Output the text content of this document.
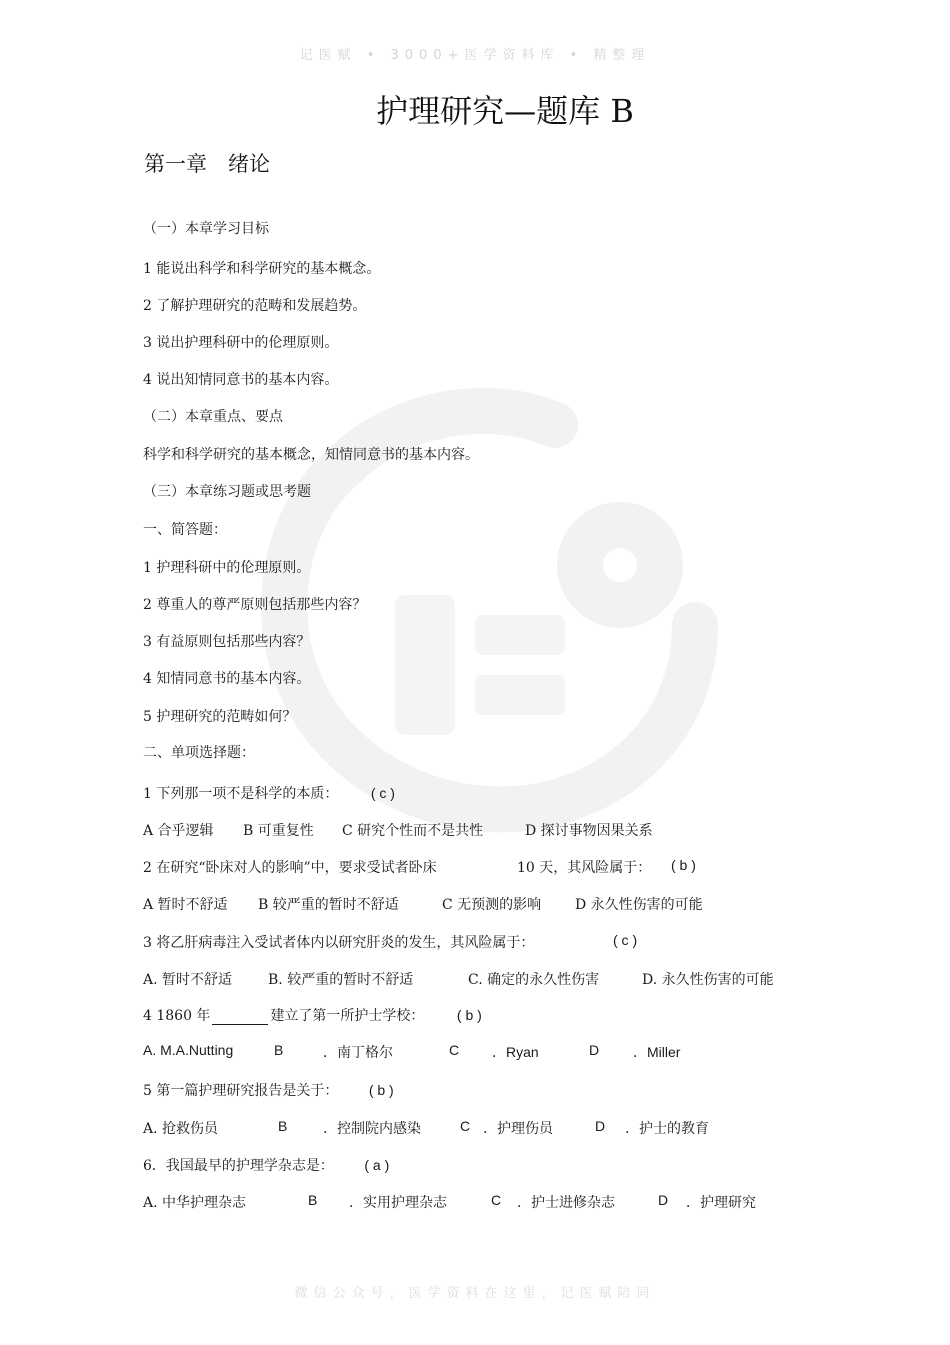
记医赋 • 3000+医学资料库 • 精整理
护理研究—题库 B
第一章　绪论
（一）本章学习目标
1 能说出科学和科学研究的基本概念。
2 了解护理研究的范畴和发展趋势。
3 说出护理科研中的伦理原则。
4 说出知情同意书的基本内容。
（二）本章重点、要点
科学和科学研究的基本概念，知情同意书的基本内容。
（三）本章练习题或思考题
一、简答题：
1 护理科研中的伦理原则。
2 尊重人的尊严原则包括那些内容？
3 有益原则包括那些内容？
4 知情同意书的基本内容。
5 护理研究的范畴如何？
二、单项选择题：
1 下列那一项不是科学的本质： ( c )
A 合乎逻辑 B 可重复性 C 研究个性而不是共性	D 探讨事物因果关系
2 在研究“卧床对人的影响”中，要求受试者卧床	10 天，其风险属于： ( b )
A 暂时不舒适 B 较严重的暂时不舒适	C 无预测的影响 D 永久性伤害的可能
3 将乙肝病毒注入受试者体内以研究肝炎的发生，其风险属于：	( c )
A. 暂时不舒适	B. 较严重的暂时不舒适	C. 确定的永久性伤害	D. 永久性伤害的可能
4 1860 年	建立了第一所护士学校： ( b )
A. M.A.Nutting	B	．南丁格尔	C ．Ryan	D ．Miller
5 第一篇护理研究报告是关于： ( b )
A. 抢救伤员	B	．控制院内感染	C ．护理伤员	D ．护士的教育
6．我国最早的护理学杂志是： ( a )
A. 中华护理杂志	B ．实用护理杂志	C ．护士进修杂志	D ．护理研究
微信公众号，医学资料在这里，记医赋陪同
